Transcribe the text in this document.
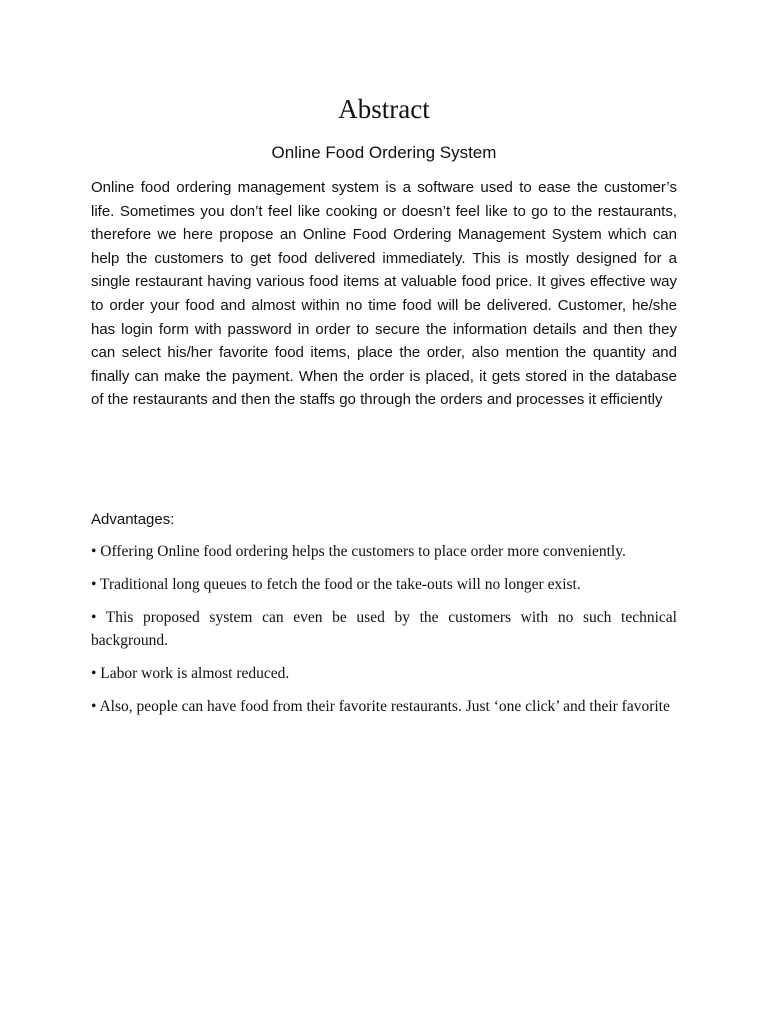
Abstract
Online Food Ordering System

Online food ordering management system is a software used to ease the customer’s life. Sometimes you don’t feel like cooking or doesn’t feel like to go to the restaurants, therefore we here propose an Online Food Ordering Management System which can help the customers to get food delivered immediately. This is mostly designed for a single restaurant having various food items at valuable food price. It gives effective way to order your food and almost within no time food will be delivered. Customer, he/she has login form with password in order to secure the information details and then they can select his/her favorite food items, place the order, also mention the quantity and finally can make the payment. When the order is placed, it gets stored in the database of the restaurants and then the staffs go through the orders and processes it efficiently

Advantages:

• Offering Online food ordering helps the customers to place order more conveniently.
• Traditional long queues to fetch the food or the take-outs will no longer exist.
• This proposed system can even be used by the customers with no such technical background.
• Labor work is almost reduced.
• Also, people can have food from their favorite restaurants. Just ‘one click’ and their favorite
